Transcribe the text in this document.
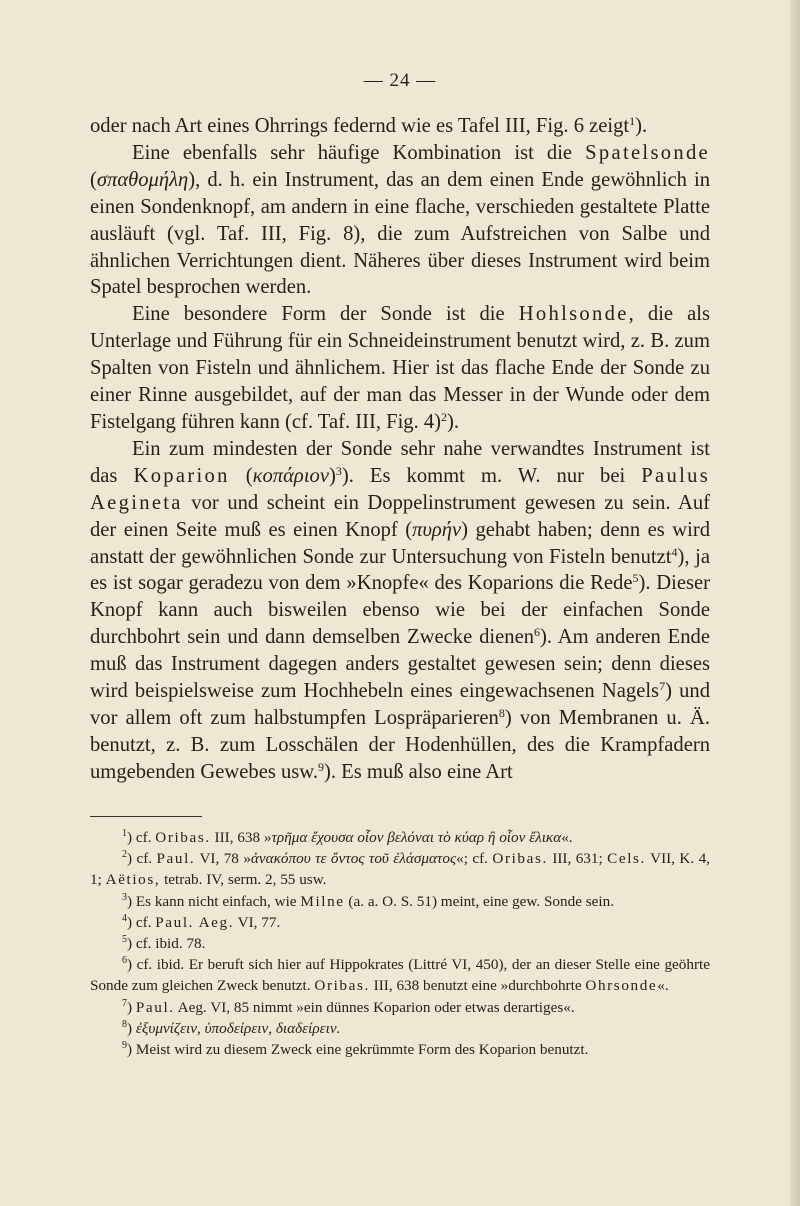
— 24 —

oder nach Art eines Ohrrings federnd wie es Tafel III, Fig. 6 zeigt$^1$).

Eine ebenfalls sehr häufige Kombination ist die Spatelsonde (σπαθομήλη), d. h. ein Instrument, das an dem einen Ende gewöhnlich in einen Sondenknopf, am andern in eine flache, verschieden gestaltete Platte ausläuft (vgl. Taf. III, Fig. 8), die zum Aufstreichen von Salbe und ähnlichen Verrichtungen dient. Näheres über dieses Instrument wird beim Spatel besprochen werden.

Eine besondere Form der Sonde ist die Hohlsonde, die als Unterlage und Führung für ein Schneideinstrument benutzt wird, z. B. zum Spalten von Fisteln und ähnlichem. Hier ist das flache Ende der Sonde zu einer Rinne ausgebildet, auf der man das Messer in der Wunde oder dem Fistelgang führen kann (cf. Taf. III, Fig. 4)$^2$).

Ein zum mindesten der Sonde sehr nahe verwandtes Instrument ist das Koparion $(\kappa o\pi ά\rho\iota o\nu)^3$). Es kommt m. W. nur bei Paulus Aegineta vor und scheint ein Doppelinstrument gewesen zu sein. Auf der einen Seite muß es einen Knopf (πυρήν) gehabt haben; denn es wird anstatt der gewöhnlichen Sonde zur Untersuchung von Fisteln benutzt$^4$), ja es ist sogar geradezu von dem »Knopfe« des Koparions die Rede$^5$). Dieser Knopf kann auch bisweilen ebenso wie bei der einfachen Sonde durchbohrt sein und dann demselben Zwecke dienen$^6$). Am anderen Ende muß das Instrument dagegen anders gestaltet gewesen sein; denn dieses wird beispielsweise zum Hochhebeln eines eingewachsenen Nagels$^7$) und vor allem oft zum halbstumpfen Lospräparieren$^8$) von Membranen u. Ä. benutzt, z. B. zum Losschälen der Hodenhüllen, des die Krampfadern umgebenden Gewebes usw.$^9$). Es muß also eine Art

$^1$) cf. Oribas. III, 638 »τρῆμα ἔχουσα οἷον βελόναι τὸ κύαρ ἢ οἷον ἔλικα«.

$^2$) cf. Paul. VI, 78 »ἀνακόπου τε ὄντος τοῦ ἐλάσματος«; cf. Oribas. III, 631; Cels. VII, K. 4, 1; Aëtios, tetrab. IV, serm. 2, 55 usw.

$^3$) Es kann nicht einfach, wie Milne (a. a. O. S. 51) meint, eine gew. Sonde sein.

$^4$) cf. Paul. Aeg. VI, 77.

$^5$) cf. ibid. 78.

$^6$) cf. ibid. Er beruft sich hier auf Hippokrates (Littré VI, 450), der an dieser Stelle eine geöhrte Sonde zum gleichen Zweck benutzt. Oribas. III, 638 benutzt eine »durchbohrte Ohrsonde«.

$^7$) Paul. Aeg. VI, 85 nimmt »ein dünnes Koparion oder etwas derartiges«.

$^8$) ἐξυμνίζειν, ὑποδείρειν, διαδείρειν.

$^9$) Meist wird zu diesem Zweck eine gekrümmte Form des Koparion benutzt.
